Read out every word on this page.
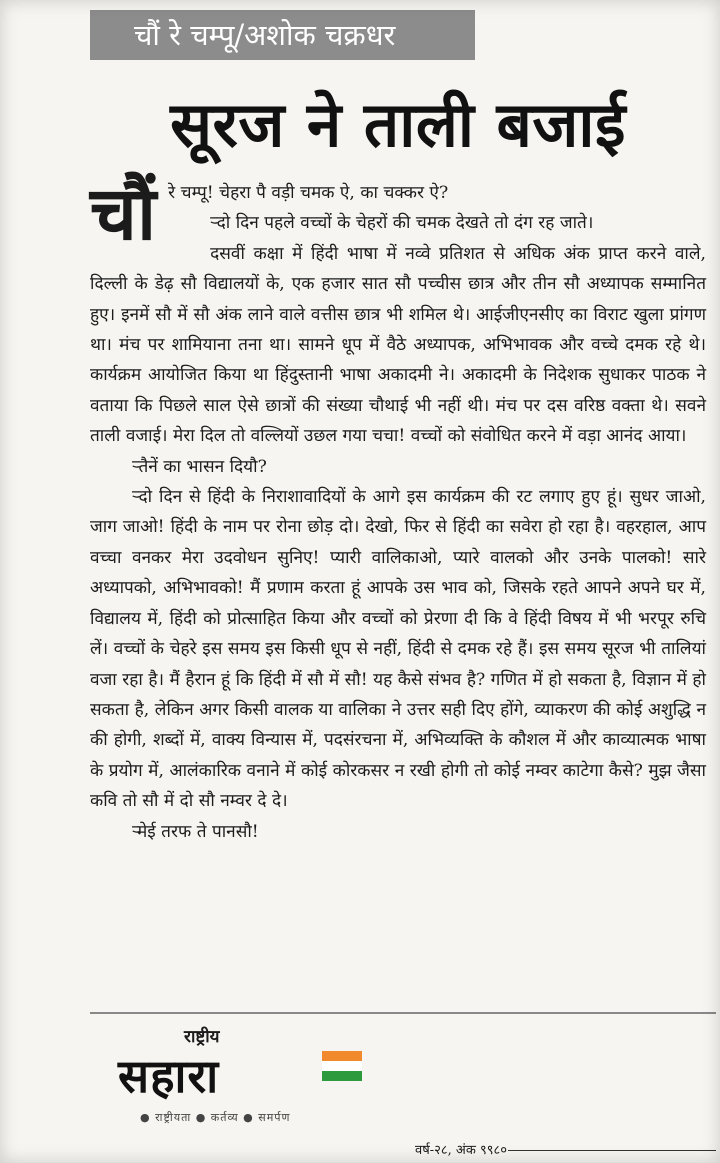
चौं रे चम्पू/अशोक चक्रधर
सूरज ने ताली बजाई
चौं रे चम्पू! चेहरा पै वड़ी चमक ऐ, का चक्कर ऐ?

ऱ्दो दिन पहले वच्चों के चेहरों की चमक देखते तो दंग रह जाते।

दसवीं कक्षा में हिंदी भाषा में नव्वे प्रतिशत से अधिक अंक प्राप्त करने वाले, दिल्ली के डेढ़ सौ विद्यालयों के, एक हजार सात सौ पच्चीस छात्र और तीन सौ अध्यापक सम्मानित हुए। इनमें सौ में सौ अंक लाने वाले वत्तीस छात्र भी शमिल थे। आईजीएनसीए का विराट खुला प्रांगण था। मंच पर शामियाना तना था। सामने धूप में वैठे अध्यापक, अभिभावक और वच्चे दमक रहे थे। कार्यक्रम आयोजित किया था हिंदुस्तानी भाषा अकादमी ने। अकादमी के निदेशक सुधाकर पाठक ने वताया कि पिछले साल ऐसे छात्रों की संख्या चौथाई भी नहीं थी। मंच पर दस वरिष्ठ वक्ता थे। सवने ताली वजाई। मेरा दिल तो वल्लियों उछल गया चचा! वच्चों को संवोधित करने में वड़ा आनंद आया।

ऱ्तैनें का भासन दियौ?

ऱ्दो दिन से हिंदी के निराशावादियों के आगे इस कार्यक्रम की रट लगाए हुए हूं। सुधर जाओ, जाग जाओ! हिंदी के नाम पर रोना छोड़ दो। देखो, फिर से हिंदी का सवेरा हो रहा है। वहरहाल, आप वच्चा वनकर मेरा उदवोधन सुनिए! प्यारी वालिकाओ, प्यारे वालको और उनके पालको! सारे अध्यापको, अभिभावको! मैं प्रणाम करता हूं आपके उस भाव को, जिसके रहते आपने अपने घर में, विद्यालय में, हिंदी को प्रोत्साहित किया और वच्चों को प्रेरणा दी कि वे हिंदी विषय में भी भरपूर रुचि लें। वच्चों के चेहरे इस समय इस किसी धूप से नहीं, हिंदी से दमक रहे हैं। इस समय सूरज भी तालियां वजा रहा है। मैं हैरान हूं कि हिंदी में सौ में सौ! यह कैसे संभव है? गणित में हो सकता है, विज्ञान में हो सकता है, लेकिन अगर किसी वालक या वालिका ने उत्तर सही दिए होंगे, व्याकरण की कोई अशुद्धि न की होगी, शब्दों में, वाक्य विन्यास में, पदसंरचना में, अभिव्यक्ति के कौशल में और काव्यात्मक भाषा के प्रयोग में, आलंकारिक वनाने में कोई कोरकसर न रखी होगी तो कोई नम्वर काटेगा कैसे? मुझ जैसा कवि तो सौ में दो सौ नम्वर दे दे।

ऱ्मेई तरफ ते पानसौ!

राष्ट्रीय
सहारा
● राष्ट्रीयता ● कर्तव्य ● समर्पण
वर्ष-२८, अंक ९९८०
